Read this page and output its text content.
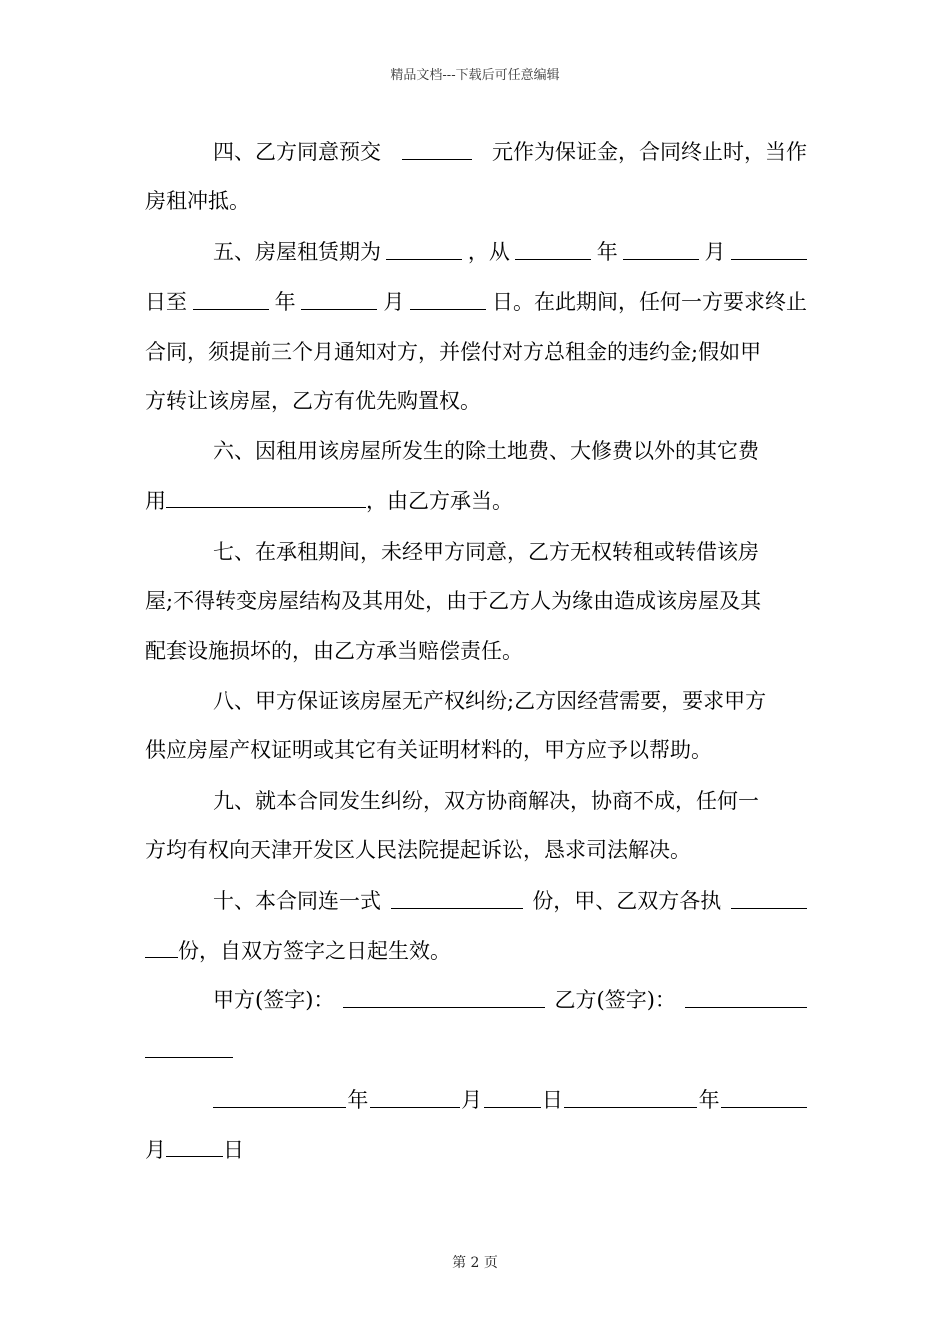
精品文档---下载后可任意编辑
四、乙方同意预交	元作为保证金，合同终止时，当作
房租冲抵。
五、房屋租赁期为	，从	年	月
日至	年	月	日。在此期间，任何一方要求终止
合同，须提前三个月通知对方，并偿付对方总租金的违约金;假如甲
方转让该房屋，乙方有优先购置权。
六、因租用该房屋所发生的除土地费、大修费以外的其它费
用	，由乙方承当。
七、在承租期间，未经甲方同意，乙方无权转租或转借该房
屋;不得转变房屋结构及其用处，由于乙方人为缘由造成该房屋及其
配套设施损坏的，由乙方承当赔偿责任。
八、甲方保证该房屋无产权纠纷;乙方因经营需要，要求甲方
供应房屋产权证明或其它有关证明材料的，甲方应予以帮助。
九、就本合同发生纠纷，双方协商解决，协商不成，任何一
方均有权向天津开发区人民法院提起诉讼，恳求司法解决。
十、本合同连一式	份，甲、乙双方各执
份，自双方签字之日起生效。
甲方(签字)：	乙方(签字)：
年	月	日	年
月	日
第 2 页
